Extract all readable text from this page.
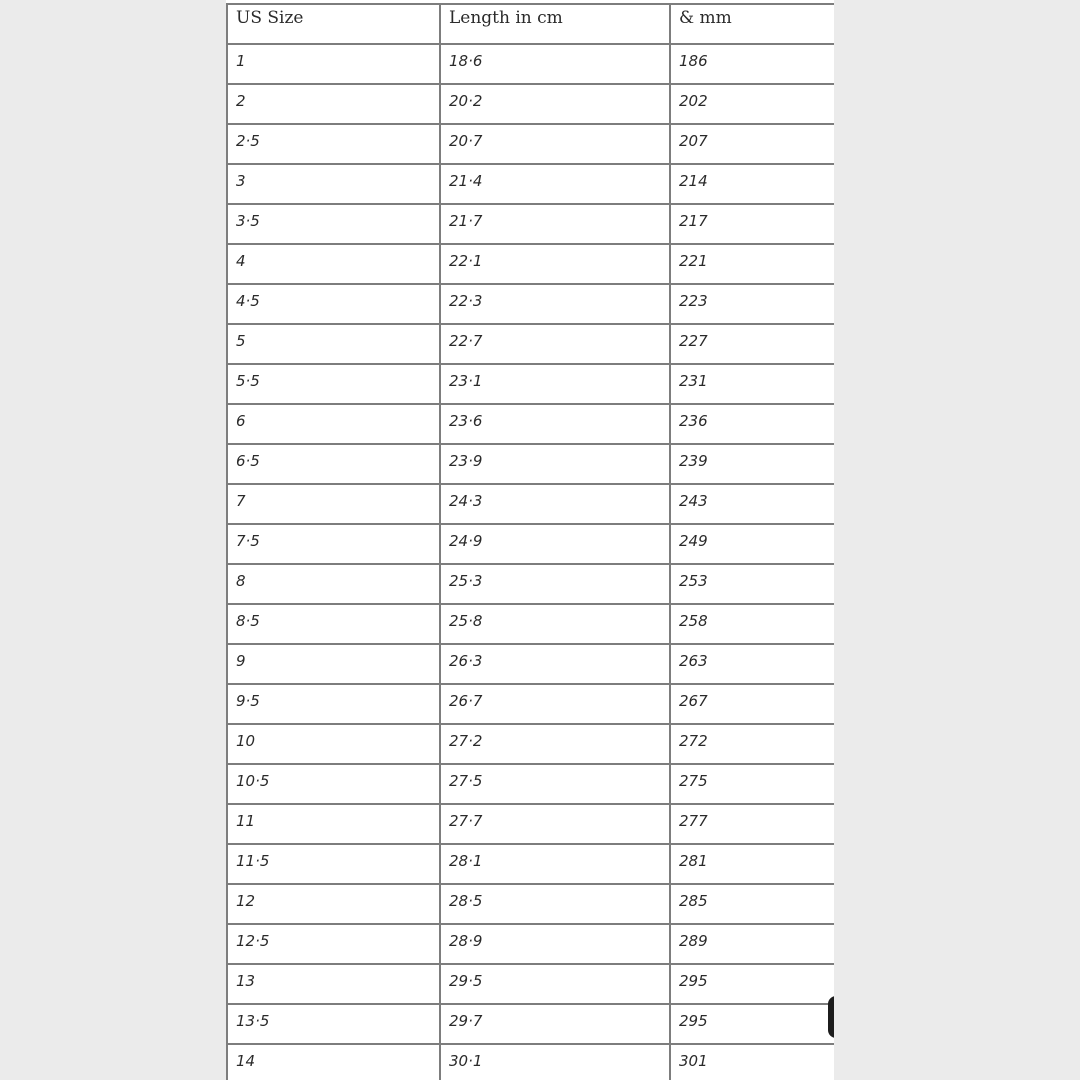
US Size	Length in cm	& mm
1	18·6	186
2	20·2	202
2·5	20·7	207
3	21·4	214
3·5	21·7	217
4	22·1	221
4·5	22·3	223
5	22·7	227
5·5	23·1	231
6	23·6	236
6·5	23·9	239
7	24·3	243
7·5	24·9	249
8	25·3	253
8·5	25·8	258
9	26·3	263
9·5	26·7	267
10	27·2	272
10·5	27·5	275
11	27·7	277
11·5	28·1	281
12	28·5	285
12·5	28·9	289
13	29·5	295
13·5	29·7	295
14	30·1	301
